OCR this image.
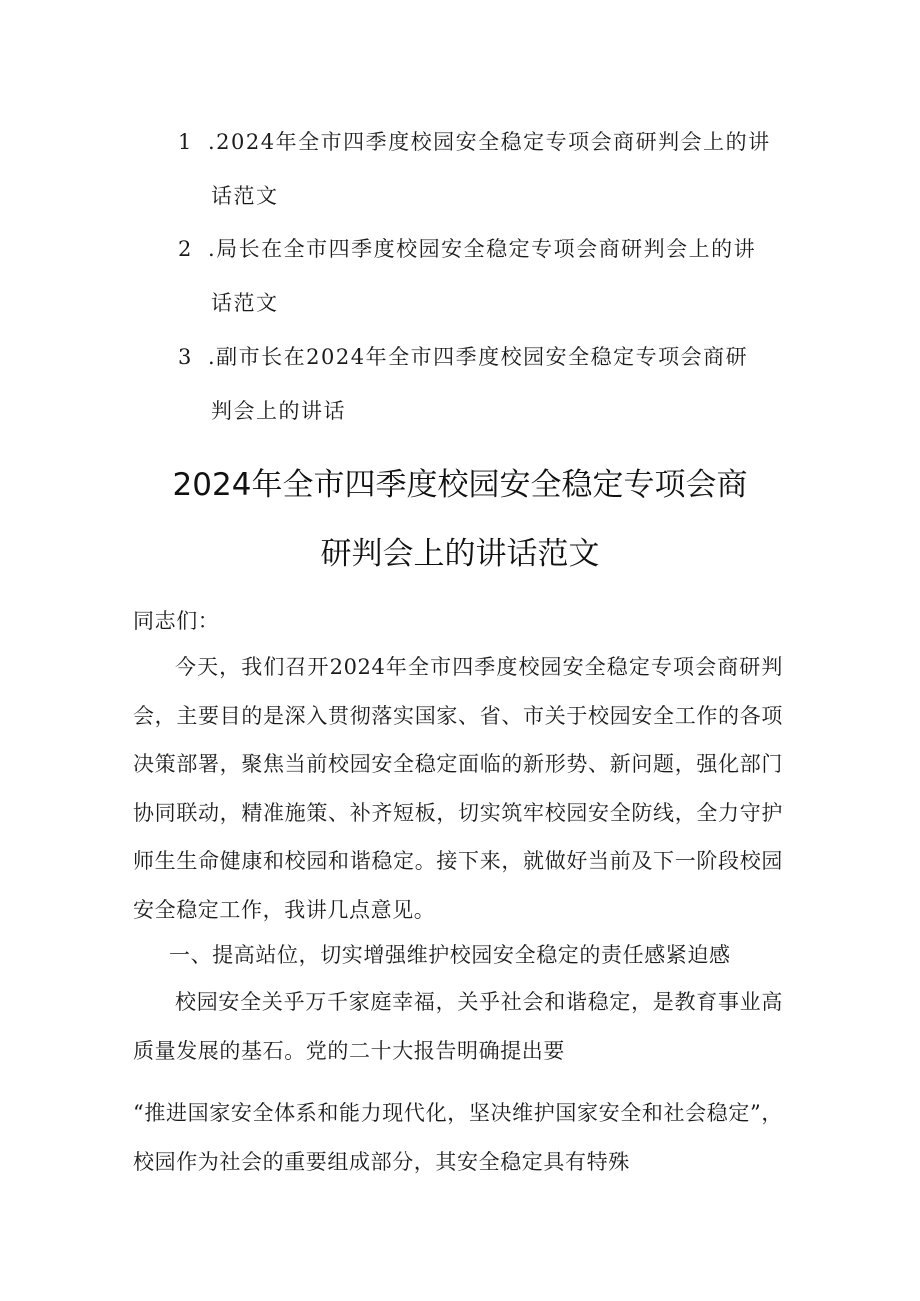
1 .2024年全市四季度校园安全稳定专项会商研判会上的讲
话范文
2 .局长在全市四季度校园安全稳定专项会商研判会上的讲
话范文
3 .副市长在2024年全市四季度校园安全稳定专项会商研
判会上的讲话
2024年全市四季度校园安全稳定专项会商
研判会上的讲话范文
同志们：
今天，我们召开2024年全市四季度校园安全稳定专项会商研判会，主要目的是深入贯彻落实国家、省、市关于校园安全工作的各项决策部署，聚焦当前校园安全稳定面临的新形势、新问题，强化部门协同联动，精准施策、补齐短板，切实筑牢校园安全防线，全力守护师生生命健康和校园和谐稳定。接下来，就做好当前及下一阶段校园安全稳定工作，我讲几点意见。
一、提高站位，切实增强维护校园安全稳定的责任感紧迫感
校园安全关乎万千家庭幸福，关乎社会和谐稳定，是教育事业高质量发展的基石。党的二十大报告明确提出要
“推进国家安全体系和能力现代化，坚决维护国家安全和社会稳定”，校园作为社会的重要组成部分，其安全稳定具有特殊
